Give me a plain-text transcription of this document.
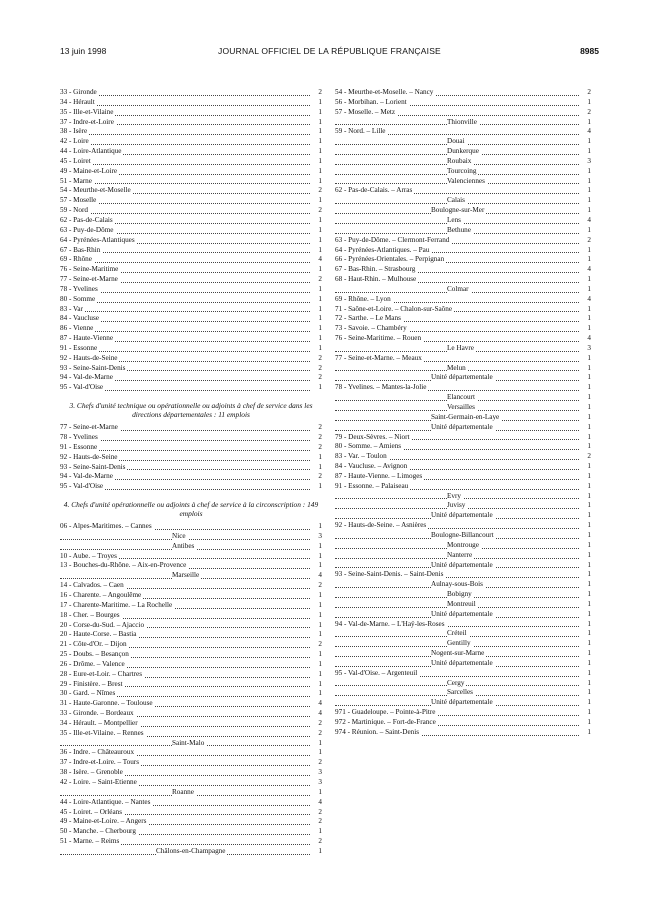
13 juin 1998	JOURNAL OFFICIEL DE LA RÉPUBLIQUE FRANÇAISE	8985
33 - Gironde	2
34 - Hérault	1
35 - Ille-et-Vilaine	1
37 - Indre-et-Loire	1
38 - Isère	1
42 - Loire	1
44 - Loire-Atlantique	1
45 - Loiret	1
49 - Maine-et-Loire	1
51 - Marne	1
54 - Meurthe-et-Moselle	2
57 - Moselle	1
59 - Nord	2
62 - Pas-de-Calais	1
63 - Puy-de-Dôme	1
64 - Pyrénées-Atlantiques	1
67 - Bas-Rhin	1
69 - Rhône	4
76 - Seine-Maritime	1
77 - Seine-et-Marne	2
78 - Yvelines	1
80 - Somme	1
83 - Var	1
84 - Vaucluse	1
86 - Vienne	1
87 - Haute-Vienne	1
91 - Essonne	1
92 - Hauts-de-Seine	2
93 - Seine-Saint-Denis	2
94 - Val-de-Marne	2
95 - Val-d'Oise	1
3. Chefs d'unité technique ou opérationnelle ou adjoints à chef de service dans les directions départementales : 11 emplois
77 - Seine-et-Marne	2
78 - Yvelines	2
91 - Essonne	2
92 - Hauts-de-Seine	1
93 - Seine-Saint-Denis	1
94 - Val-de-Marne	2
95 - Val-d'Oise	1
4. Chefs d'unité opérationnelle ou adjoints à chef de service à la circonscription : 149 emplois
06 - Alpes-Maritimes. – Cannes	1
Nice	3
Antibes	1
10 - Aube. – Troyes	1
13 - Bouches-du-Rhône. – Aix-en-Provence	1
Marseille	4
14 - Calvados. – Caen	2
16 - Charente. – Angoulême	1
17 - Charente-Maritime. – La Rochelle	1
18 - Cher. – Bourges	1
20 - Corse-du-Sud. – Ajaccio	1
20 - Haute-Corse. – Bastia	1
21 - Côte-d'Or. – Dijon	2
25 - Doubs. – Besançon	1
26 - Drôme. – Valence	1
28 - Eure-et-Loir. – Chartres	1
29 - Finistère. – Brest	1
30 - Gard. – Nîmes	1
31 - Haute-Garonne. – Toulouse	4
33 - Gironde. – Bordeaux	4
34 - Hérault. – Montpellier	2
35 - Ille-et-Vilaine. – Rennes	2
Saint-Malo	1
36 - Indre. – Châteauroux	1
37 - Indre-et-Loire. – Tours	2
38 - Isère. – Grenoble	3
42 - Loire. – Saint-Etienne	3
Roanne	1
44 - Loire-Atlantique. – Nantes	4
45 - Loiret. – Orléans	2
49 - Maine-et-Loire. – Angers	2
50 - Manche. – Cherbourg	1
51 - Marne. – Reims	2
Châlons-en-Champagne	1
54 - Meurthe-et-Moselle. – Nancy	2
56 - Morbihan. – Lorient	1
57 - Moselle. – Metz	2
Thionville	1
59 - Nord. – Lille	4
Douai	1
Dunkerque	1
Roubaix	3
Tourcoing	1
Valenciennes	1
62 - Pas-de-Calais. – Arras	1
Calais	1
Boulogne-sur-Mer	1
Lens	4
Bethune	1
63 - Puy-de-Dôme. – Clermont-Ferrand	2
64 - Pyrénées-Atlantiques. – Pau	1
66 - Pyrénées-Orientales. – Perpignan	1
67 - Bas-Rhin. – Strasbourg	4
68 - Haut-Rhin. – Mulhouse	1
Colmar	1
69 - Rhône. – Lyon	4
71 - Saône-et-Loire. – Chalon-sur-Saône	1
72 - Sarthe. – Le Mans	1
73 - Savoie. – Chambéry	1
76 - Seine-Maritime. – Rouen	4
Le Havre	3
77 - Seine-et-Marne. – Meaux	1
Melun	1
Unité départementale	1
78 - Yvelines. – Mantes-la-Jolie	1
Elancourt	1
Versailles	1
Saint-Germain-en-Laye	1
Unité départementale	1
79 - Deux-Sèvres. – Niort	1
80 - Somme. – Amiens	1
83 - Var. – Toulon	2
84 - Vaucluse. – Avignon	1
87 - Haute-Vienne. – Limoges	1
91 - Essonne. – Palaiseau	1
Evry	1
Juvisy	1
Unité départementale	1
92 - Hauts-de-Seine. – Asnières	1
Boulogne-Billancourt	1
Montrouge	1
Nanterre	1
Unité départementale	1
93 - Seine-Saint-Denis. – Saint-Denis	1
Aulnay-sous-Bois	1
Bobigny	1
Montreuil	1
Unité départementale	1
94 - Val-de-Marne. – L'Haÿ-les-Roses	1
Créteil	1
Gentilly	1
Nogent-sur-Marne	1
Unité départementale	1
95 - Val-d'Oise. – Argenteuil	1
Cergy	1
Sarcelles	1
Unité départementale	1
971 - Guadeloupe. – Pointe-à-Pitre	1
972 - Martinique. – Fort-de-France	1
974 - Réunion. – Saint-Denis	1
